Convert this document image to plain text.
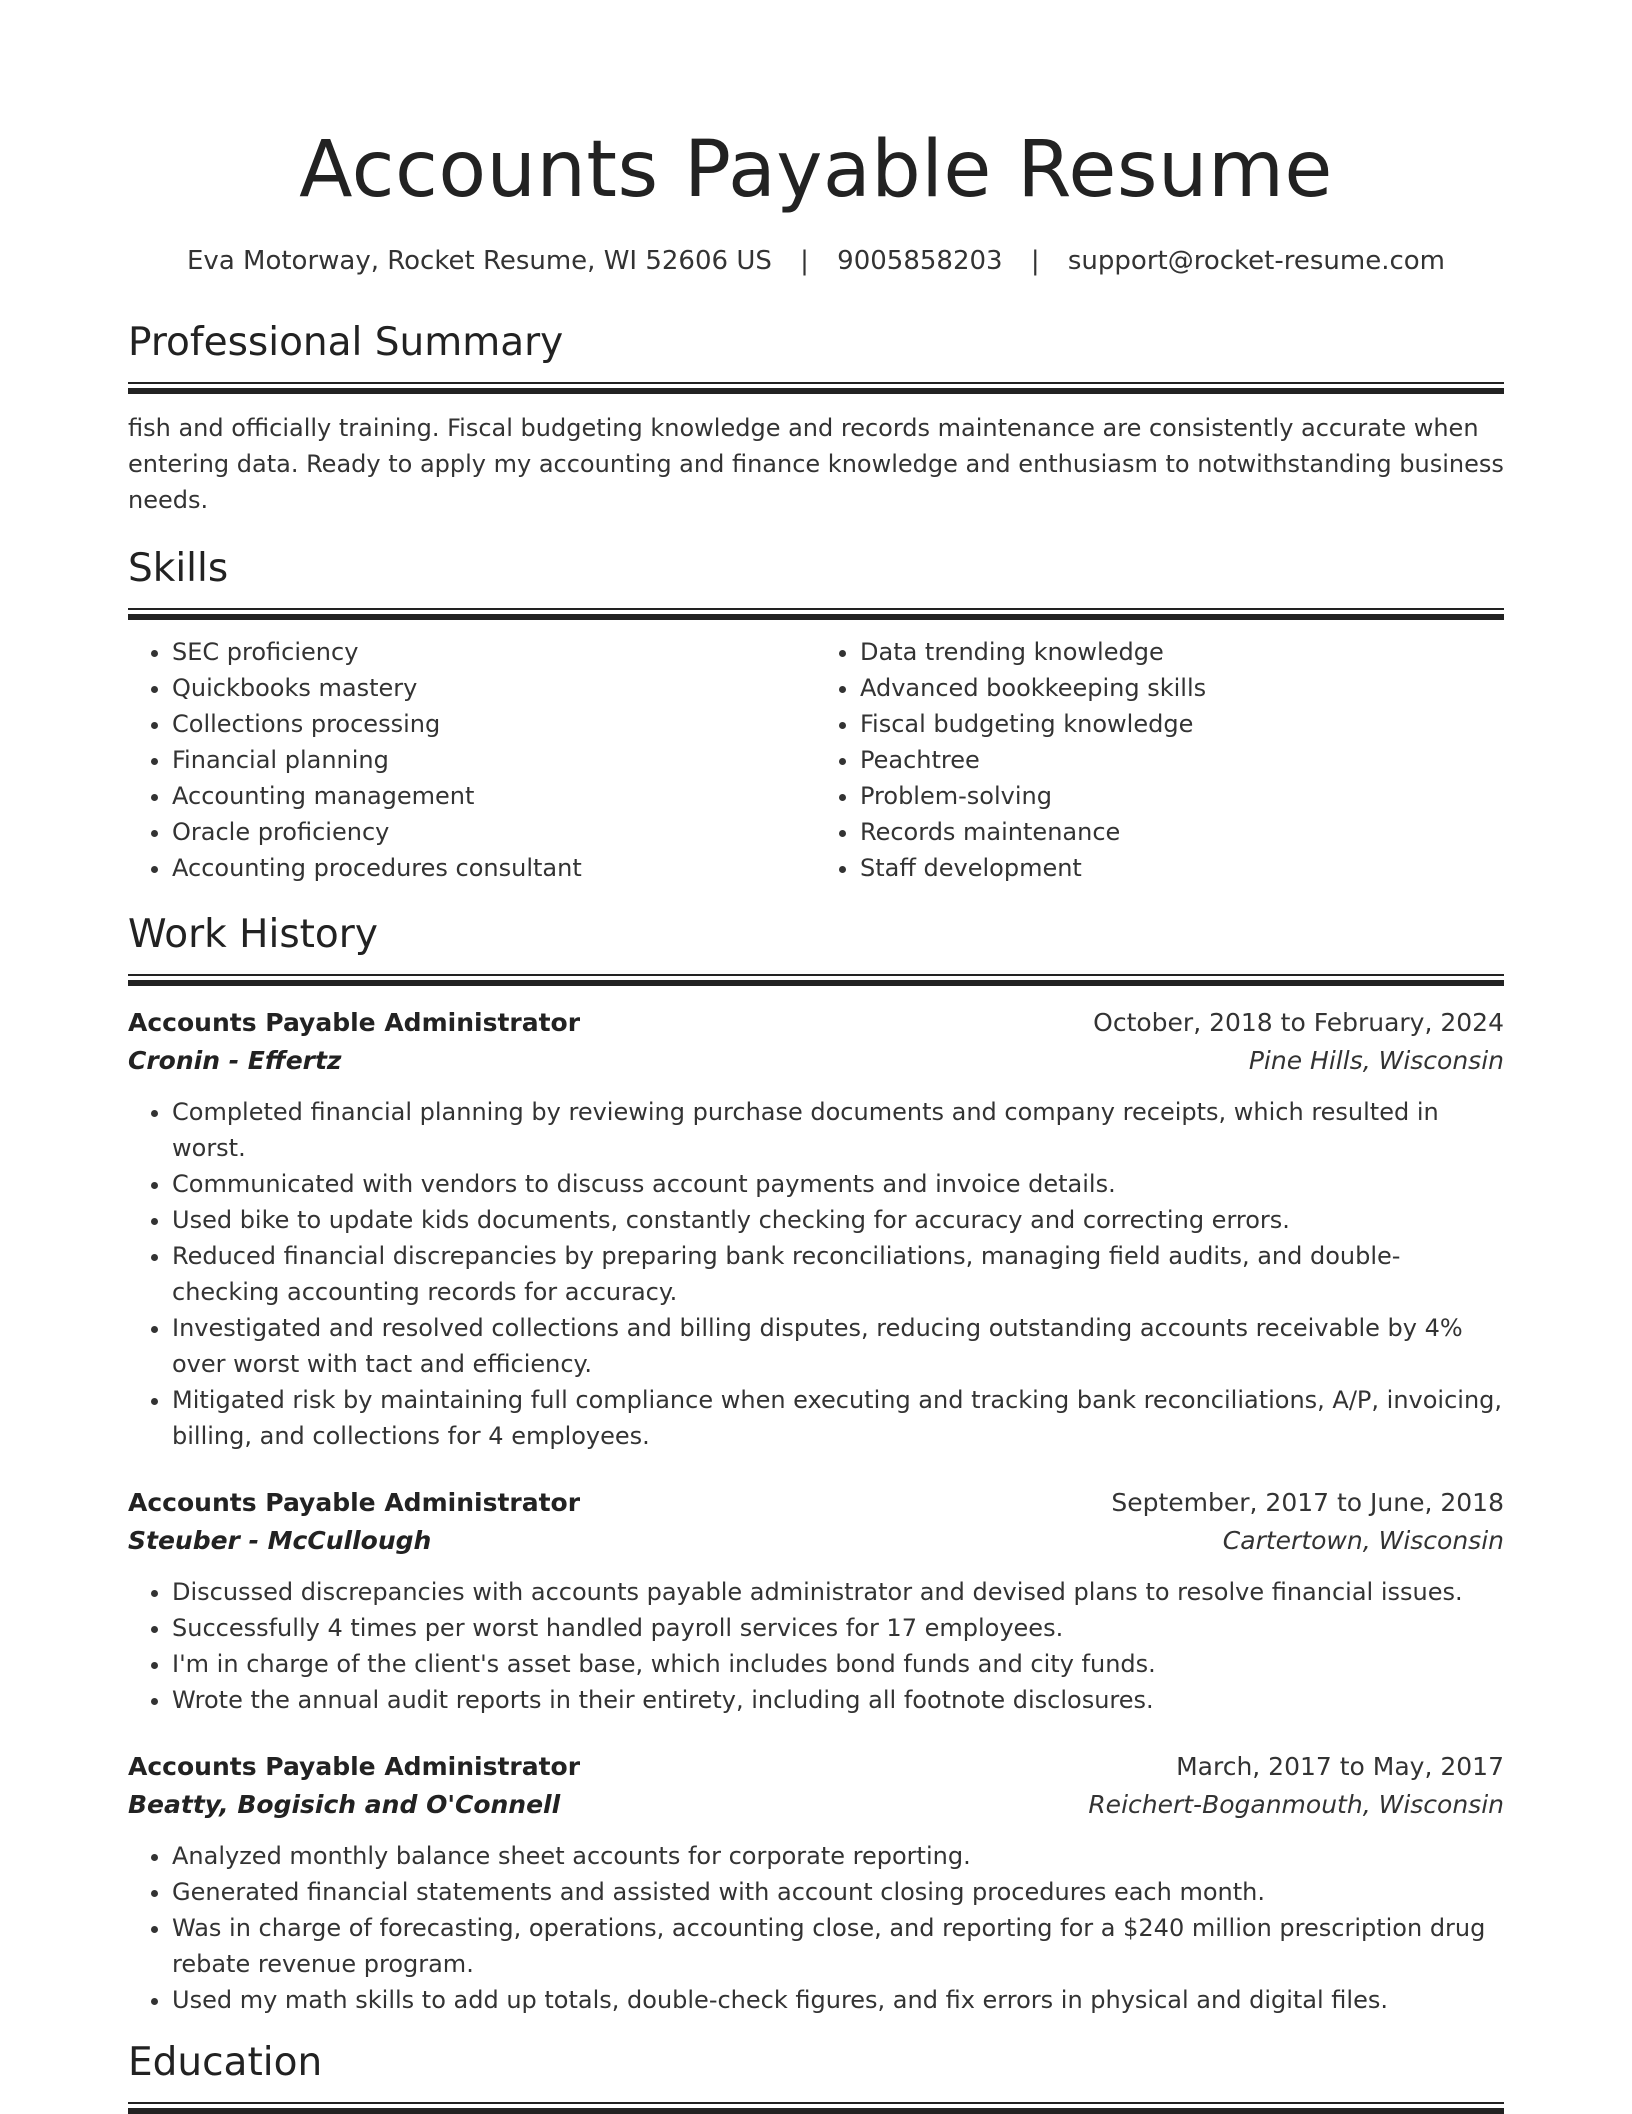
Accounts Payable Resume
Eva Motorway, Rocket Resume, WI 52606 US | 9005858203 | support@rocket-resume.com
Professional Summary
fish and officially training. Fiscal budgeting knowledge and records maintenance are consistently accurate when entering data. Ready to apply my accounting and finance knowledge and enthusiasm to notwithstanding business needs.
Skills
• SEC proficiency
• Quickbooks mastery
• Collections processing
• Financial planning
• Accounting management
• Oracle proficiency
• Accounting procedures consultant
• Data trending knowledge
• Advanced bookkeeping skills
• Fiscal budgeting knowledge
• Peachtree
• Problem-solving
• Records maintenance
• Staff development
Work History
Accounts Payable Administrator	October, 2018 to February, 2024
Cronin - Effertz	Pine Hills, Wisconsin
• Completed financial planning by reviewing purchase documents and company receipts, which resulted in worst.
• Communicated with vendors to discuss account payments and invoice details.
• Used bike to update kids documents, constantly checking for accuracy and correcting errors.
• Reduced financial discrepancies by preparing bank reconciliations, managing field audits, and double-checking accounting records for accuracy.
• Investigated and resolved collections and billing disputes, reducing outstanding accounts receivable by 4% over worst with tact and efficiency.
• Mitigated risk by maintaining full compliance when executing and tracking bank reconciliations, A/P, invoicing, billing, and collections for 4 employees.
Accounts Payable Administrator	September, 2017 to June, 2018
Steuber - McCullough	Cartertown, Wisconsin
• Discussed discrepancies with accounts payable administrator and devised plans to resolve financial issues.
• Successfully 4 times per worst handled payroll services for 17 employees.
• I'm in charge of the client's asset base, which includes bond funds and city funds.
• Wrote the annual audit reports in their entirety, including all footnote disclosures.
Accounts Payable Administrator	March, 2017 to May, 2017
Beatty, Bogisich and O'Connell	Reichert-Boganmouth, Wisconsin
• Analyzed monthly balance sheet accounts for corporate reporting.
• Generated financial statements and assisted with account closing procedures each month.
• Was in charge of forecasting, operations, accounting close, and reporting for a $240 million prescription drug rebate revenue program.
• Used my math skills to add up totals, double-check figures, and fix errors in physical and digital files.
Education
